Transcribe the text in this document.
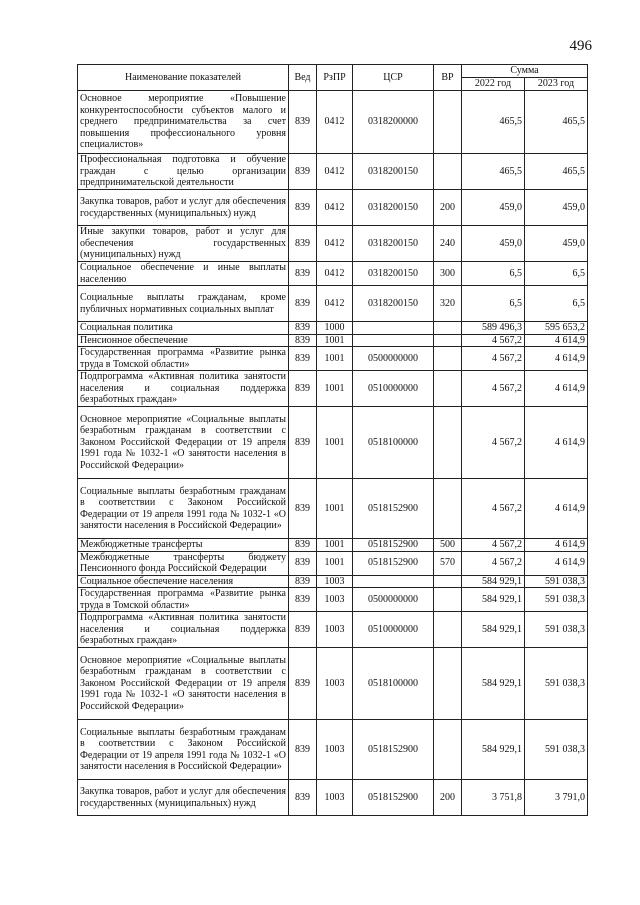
496
Наименование показателей	Вед	РзПР	ЦСР	ВР	Сумма	
					2022 год	2023 год
Основное мероприятие «Повышение конкурентоспособности субъектов малого и среднего предпринимательства за счет повышения профессионального уровня специалистов»	839	0412	0318200000		465,5	465,5
Профессиональная подготовка и обучение граждан с целью организации предпринимательской деятельности	839	0412	0318200150		465,5	465,5
Закупка товаров, работ и услуг для обеспечения государственных (муниципальных) нужд	839	0412	0318200150	200	459,0	459,0
Иные закупки товаров, работ и услуг для обеспечения государственных (муниципальных) нужд	839	0412	0318200150	240	459,0	459,0
Социальное обеспечение и иные выплаты населению	839	0412	0318200150	300	6,5	6,5
Социальные выплаты гражданам, кроме публичных нормативных социальных выплат	839	0412	0318200150	320	6,5	6,5
Социальная политика	839	1000			589 496,3	595 653,2
Пенсионное обеспечение	839	1001			4 567,2	4 614,9
Государственная программа «Развитие рынка труда в Томской области»	839	1001	0500000000		4 567,2	4 614,9
Подпрограмма «Активная политика занятости населения и социальная поддержка безработных граждан»	839	1001	0510000000		4 567,2	4 614,9
Основное мероприятие «Социальные выплаты безработным гражданам в соответствии с Законом Российской Федерации от 19 апреля 1991 года № 1032-1 «О занятости населения в Российской Федерации»	839	1001	0518100000		4 567,2	4 614,9
Социальные выплаты безработным гражданам в соответствии с Законом Российской Федерации от 19 апреля 1991 года № 1032-1 «О занятости населения в Российской Федерации»	839	1001	0518152900		4 567,2	4 614,9
Межбюджетные трансферты	839	1001	0518152900	500	4 567,2	4 614,9
Межбюджетные трансферты бюджету Пенсионного фонда Российской Федерации	839	1001	0518152900	570	4 567,2	4 614,9
Социальное обеспечение населения	839	1003			584 929,1	591 038,3
Государственная программа «Развитие рынка труда в Томской области»	839	1003	0500000000		584 929,1	591 038,3
Подпрограмма «Активная политика занятости населения и социальная поддержка безработных граждан»	839	1003	0510000000		584 929,1	591 038,3
Основное мероприятие «Социальные выплаты безработным гражданам в соответствии с Законом Российской Федерации от 19 апреля 1991 года № 1032-1 «О занятости населения в Российской Федерации»	839	1003	0518100000		584 929,1	591 038,3
Социальные выплаты безработным гражданам в соответствии с Законом Российской Федерации от 19 апреля 1991 года № 1032-1 «О занятости населения в Российской Федерации»	839	1003	0518152900		584 929,1	591 038,3
Закупка товаров, работ и услуг для обеспечения государственных (муниципальных) нужд	839	1003	0518152900	200	3 751,8	3 791,0
